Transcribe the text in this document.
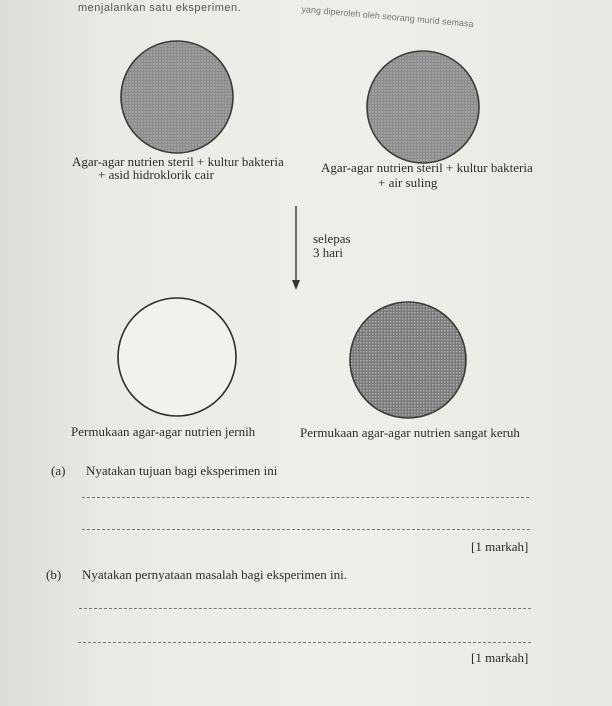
menjalankan satu eksperimen.	yang diperoleh oleh seorang murid semasa
Agar-agar nutrien steril + kultur bakteria
+ asid hidroklorik cair	Agar-agar nutrien steril + kultur bakteria
+ air suling
selepas
3 hari
Permukaan agar-agar nutrien jernih	Permukaan agar-agar nutrien sangat keruh
(a) Nyatakan tujuan bagi eksperimen ini
[1 markah]
(b) Nyatakan pernyataan masalah bagi eksperimen ini.
[1 markah]
